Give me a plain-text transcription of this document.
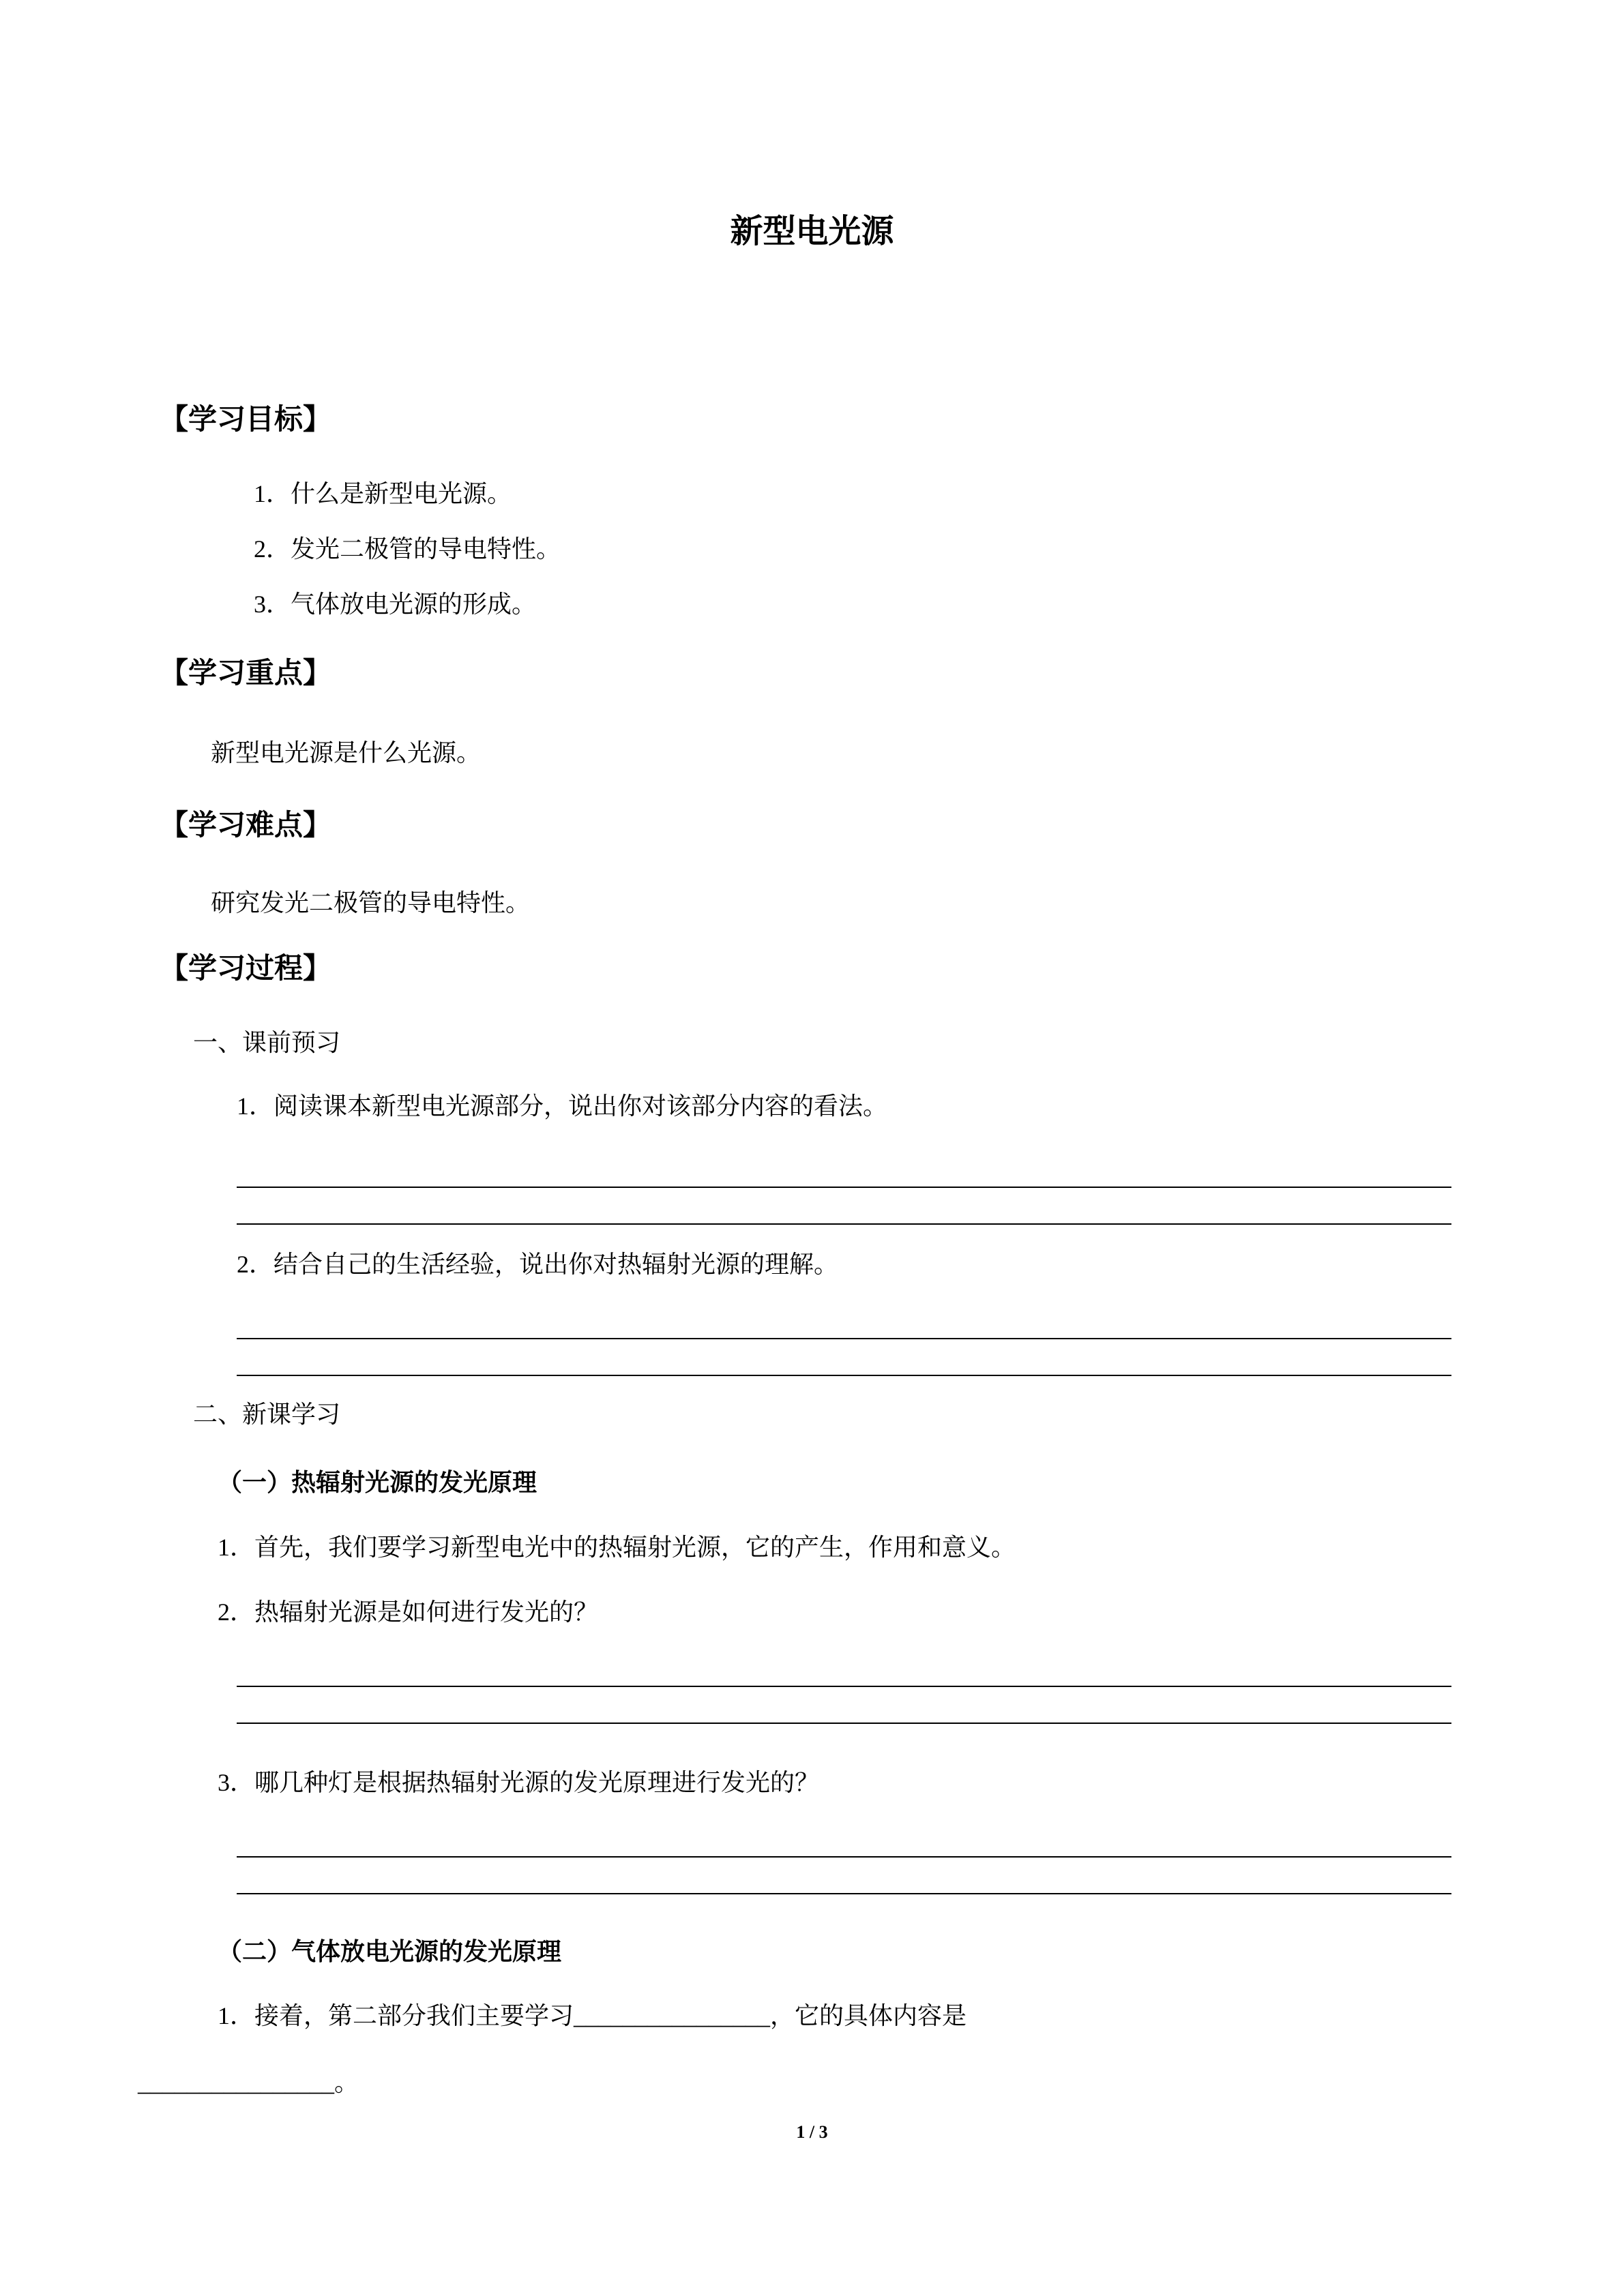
新型电光源
【学习目标】
1．什么是新型电光源。
2．发光二极管的导电特性。
3．气体放电光源的形成。
【学习重点】
新型电光源是什么光源。
【学习难点】
研究发光二极管的导电特性。
【学习过程】
一、课前预习
1．阅读课本新型电光源部分，说出你对该部分内容的看法。
2．结合自己的生活经验，说出你对热辐射光源的理解。
二、新课学习
（一）热辐射光源的发光原理
1．首先，我们要学习新型电光中的热辐射光源，它的产生，作用和意义。
2．热辐射光源是如何进行发光的？
3．哪几种灯是根据热辐射光源的发光原理进行发光的？
（二）气体放电光源的发光原理
1．接着，第二部分我们主要学习________________，它的具体内容是
________________。
1 / 3
